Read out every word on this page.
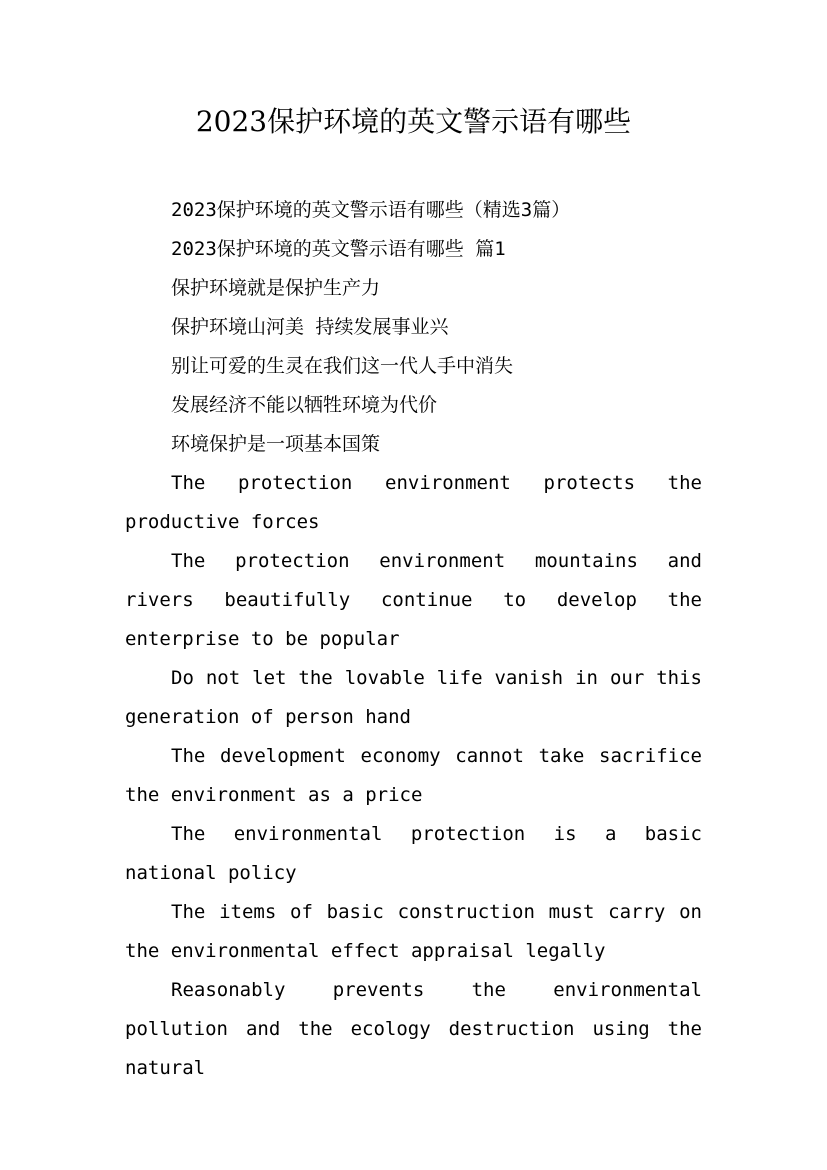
2023保护环境的英文警示语有哪些

2023保护环境的英文警示语有哪些（精选3篇）

2023保护环境的英文警示语有哪些 篇1

保护环境就是保护生产力

保护环境山河美 持续发展事业兴

别让可爱的生灵在我们这一代人手中消失

发展经济不能以牺牲环境为代价

环境保护是一项基本国策

The protection environment protects the productive forces

The protection environment mountains and rivers beautifully continue to develop the enterprise to be popular

Do not let the lovable life vanish in our this generation of person hand

The development economy cannot take sacrifice the environment as a price

The environmental protection is a basic national policy

The items of basic construction must carry on the environmental effect appraisal legally

Reasonably prevents the environmental pollution and the ecology destruction using the natural
